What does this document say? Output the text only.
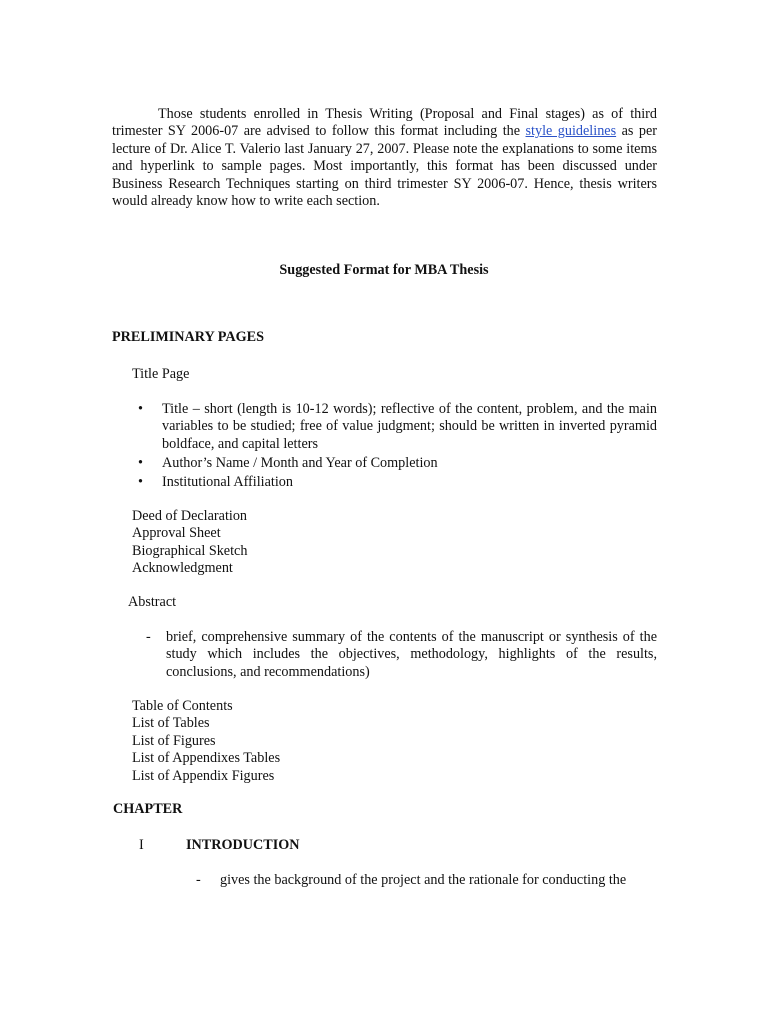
Those students enrolled in Thesis Writing (Proposal and Final stages) as of third trimester SY 2006-07 are advised to follow this format including the style guidelines as per lecture of Dr. Alice T. Valerio last January 27, 2007. Please note the explanations to some items and hyperlink to sample pages. Most importantly, this format has been discussed under Business Research Techniques starting on third trimester SY 2006-07. Hence, thesis writers would already know how to write each section.

Suggested Format for MBA Thesis
PRELIMINARY PAGES
Title Page
• Title – short (length is 10-12 words); reflective of the content, problem, and the main variables to be studied; free of value judgment; should be written in inverted pyramid boldface, and capital letters
• Author’s Name / Month and Year of Completion
• Institutional Affiliation
Deed of Declaration
Approval Sheet
Biographical Sketch
Acknowledgment
Abstract
- brief, comprehensive summary of the contents of the manuscript or synthesis of the study which includes the objectives, methodology, highlights of the results, conclusions, and recommendations)
Table of Contents
List of Tables
List of Figures
List of Appendixes Tables
List of Appendix Figures
CHAPTER
I	INTRODUCTION
- gives the background of the project and the rationale for conducting the
